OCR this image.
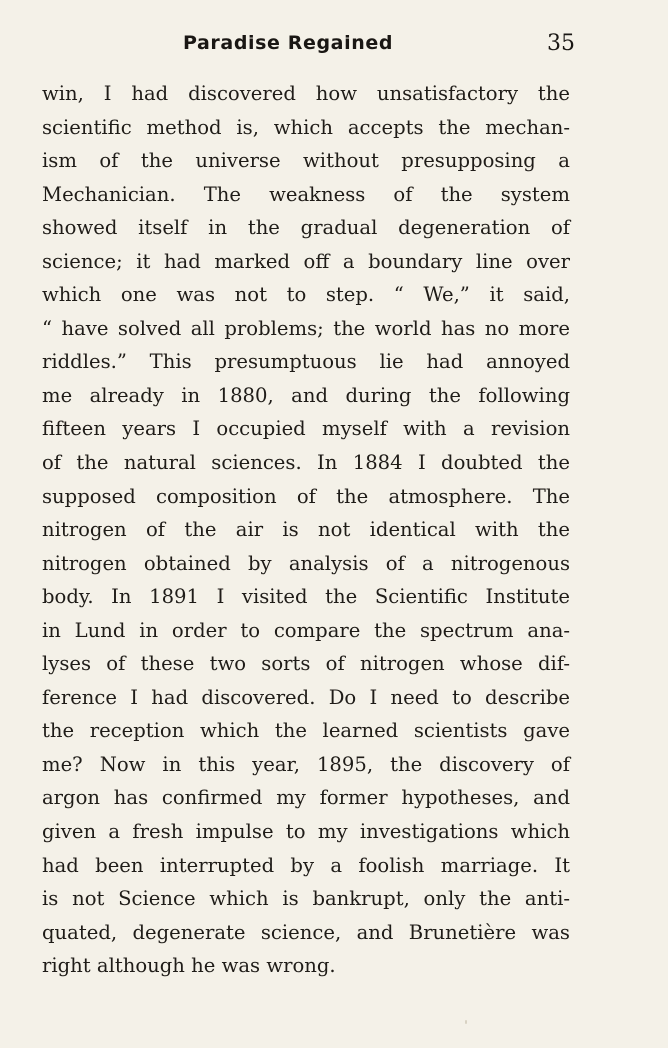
Paradise Regained	35
win, I had discovered how unsatisfactory the
scientific method is, which accepts the mechan-
ism of the universe without presupposing a
Mechanician. The weakness of the system
showed itself in the gradual degeneration of
science; it had marked off a boundary line over
which one was not to step. “ We,” it said,
“ have solved all problems; the world has no more
riddles.” This presumptuous lie had annoyed
me already in 1880, and during the following
fifteen years I occupied myself with a revision
of the natural sciences. In 1884 I doubted the
supposed composition of the atmosphere. The
nitrogen of the air is not identical with the
nitrogen obtained by analysis of a nitrogenous
body. In 1891 I visited the Scientific Institute
in Lund in order to compare the spectrum ana-
lyses of these two sorts of nitrogen whose dif-
ference I had discovered. Do I need to describe
the reception which the learned scientists gave
me? Now in this year, 1895, the discovery of
argon has confirmed my former hypotheses, and
given a fresh impulse to my investigations which
had been interrupted by a foolish marriage. It
is not Science which is bankrupt, only the anti-
quated, degenerate science, and Brunetière was
right although he was wrong.
